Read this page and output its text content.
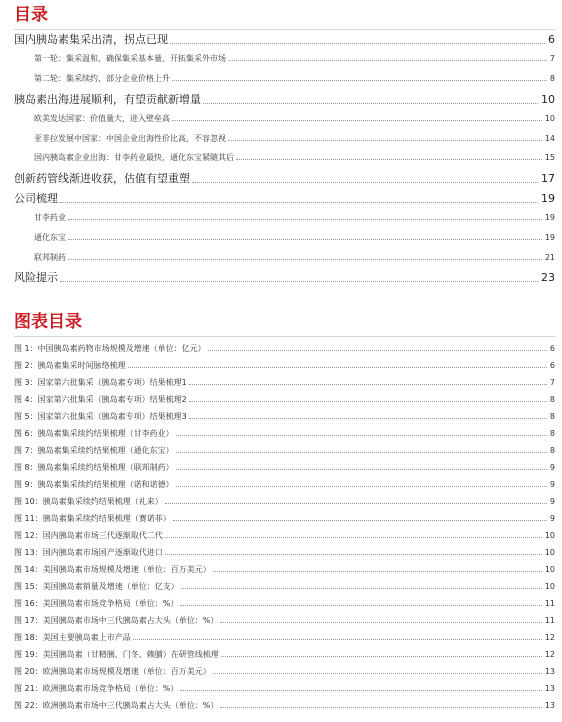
目录
国内胰岛素集采出清，拐点已现	6
第一轮：集采温和，确保集采基本量、开拓集采外市场	7
第二轮：集采续约，部分企业价格上升	8
胰岛素出海进展顺利，有望贡献新增量	10
欧美发达国家：价值量大，进入壁垒高	10
亚非拉发展中国家：中国企业出海性价比高，不容忽视	14
国内胰岛素企业出海：甘李药业最快，通化东宝紧随其后	15
创新药管线渐进收获，估值有望重塑	17
公司梳理	19
甘李药业	19
通化东宝	19
联邦制药	21
风险提示	23
图表目录
图 1：中国胰岛素药物市场规模及增速（单位：亿元）	6
图 2：胰岛素集采时间脉络梳理	6
图 3：国家第六批集采（胰岛素专项）结果梳理1	7
图 4：国家第六批集采（胰岛素专项）结果梳理2	8
图 5：国家第六批集采（胰岛素专项）结果梳理3	8
图 6：胰岛素集采续约结果梳理（甘李药业）	8
图 7：胰岛素集采续约结果梳理（通化东宝）	8
图 8：胰岛素集采续约结果梳理（联邦制药）	9
图 9：胰岛素集采续约结果梳理（诺和诺德）	9
图 10：胰岛素集采续约结果梳理（礼来）	9
图 11：胰岛素集采续约结果梳理（赛诺菲）	9
图 12：国内胰岛素市场三代逐渐取代二代	10
图 13：国内胰岛素市场国产逐渐取代进口	10
图 14：美国胰岛素市场规模及增速（单位：百万美元）	10
图 15：美国胰岛素销量及增速（单位：亿支）	10
图 16：美国胰岛素市场竞争格局（单位：%）	11
图 17：美国胰岛素市场中三代胰岛素占大头（单位：%）	11
图 18：美国主要胰岛素上市产品	12
图 19：美国胰岛素（甘精胰、门冬、赖脯）在研管线梳理	12
图 20：欧洲胰岛素市场规模及增速（单位：百万美元）	13
图 21：欧洲胰岛素市场竞争格局（单位：%）	13
图 22：欧洲胰岛素市场中三代胰岛素占大头（单位：%）	13
